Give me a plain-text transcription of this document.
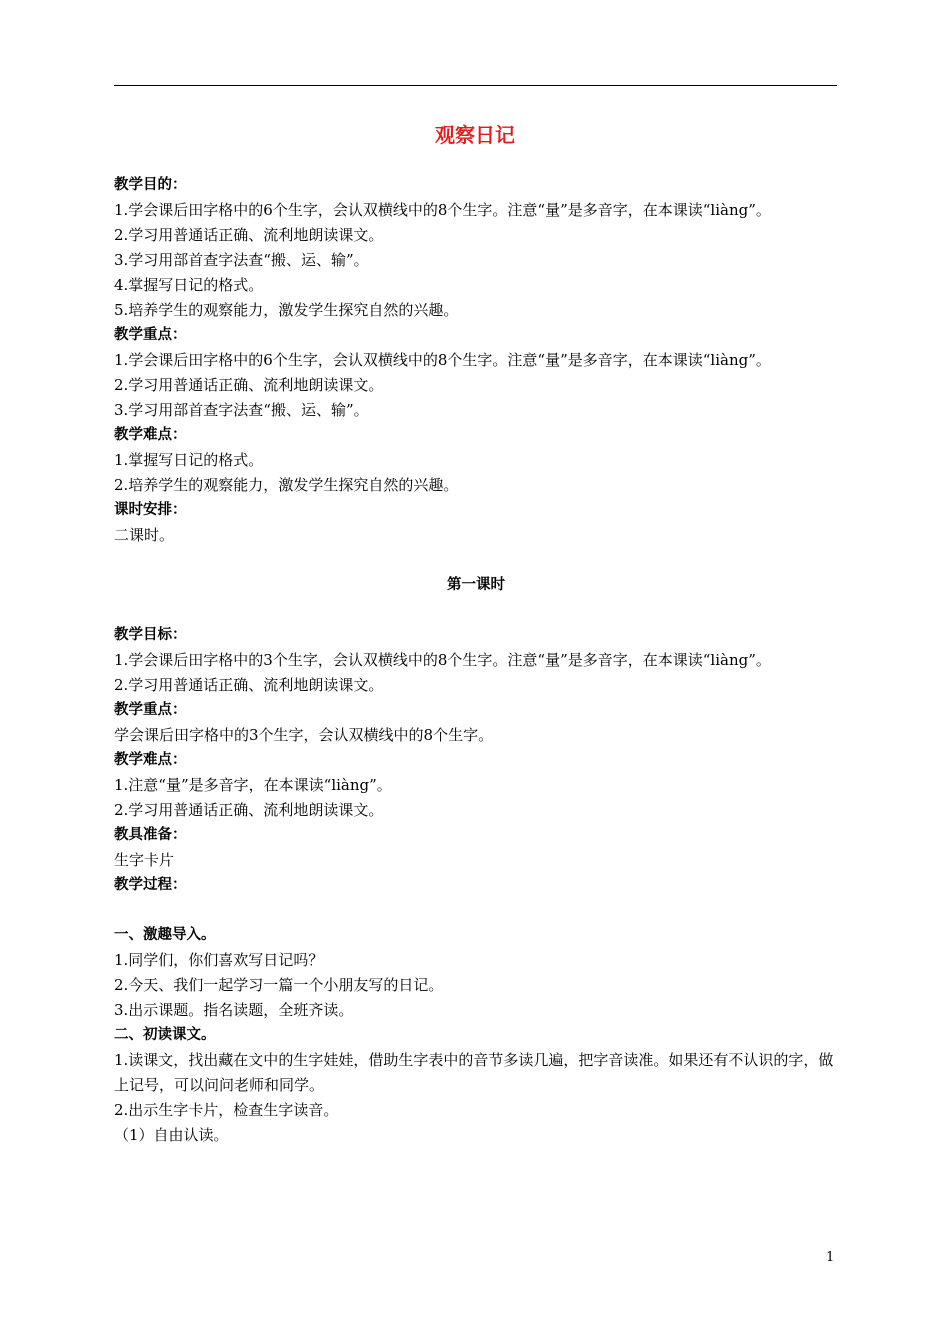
观察日记

教学目的：

1.学会课后田字格中的6个生字，会认双横线中的8个生字。注意“量”是多音字，在本课读“liàng”。

2.学习用普通话正确、流利地朗读课文。

3.学习用部首查字法查“搬、运、输”。

4.掌握写日记的格式。

5.培养学生的观察能力，激发学生探究自然的兴趣。

教学重点：

1.学会课后田字格中的6个生字，会认双横线中的8个生字。注意“量”是多音字，在本课读“liàng”。

2.学习用普通话正确、流利地朗读课文。

3.学习用部首查字法查“搬、运、输”。

教学难点：

1.掌握写日记的格式。

2.培养学生的观察能力，激发学生探究自然的兴趣。

课时安排：

二课时。

第一课时

教学目标：

1.学会课后田字格中的3个生字，会认双横线中的8个生字。注意“量”是多音字，在本课读“liàng”。

2.学习用普通话正确、流利地朗读课文。

教学重点：

学会课后田字格中的3个生字，会认双横线中的8个生字。

教学难点：

1.注意“量”是多音字，在本课读“liàng”。

2.学习用普通话正确、流利地朗读课文。

教具准备：

生字卡片

教学过程：

一、激趣导入。

1.同学们，你们喜欢写日记吗？

2.今天、我们一起学习一篇一个小朋友写的日记。

3.出示课题。指名读题，全班齐读。

二、初读课文。

1.读课文，找出藏在文中的生字娃娃，借助生字表中的音节多读几遍，把字音读准。如果还有不认识的字，做上记号，可以问问老师和同学。

2.出示生字卡片，检查生字读音。

（1）自由认读。

1
